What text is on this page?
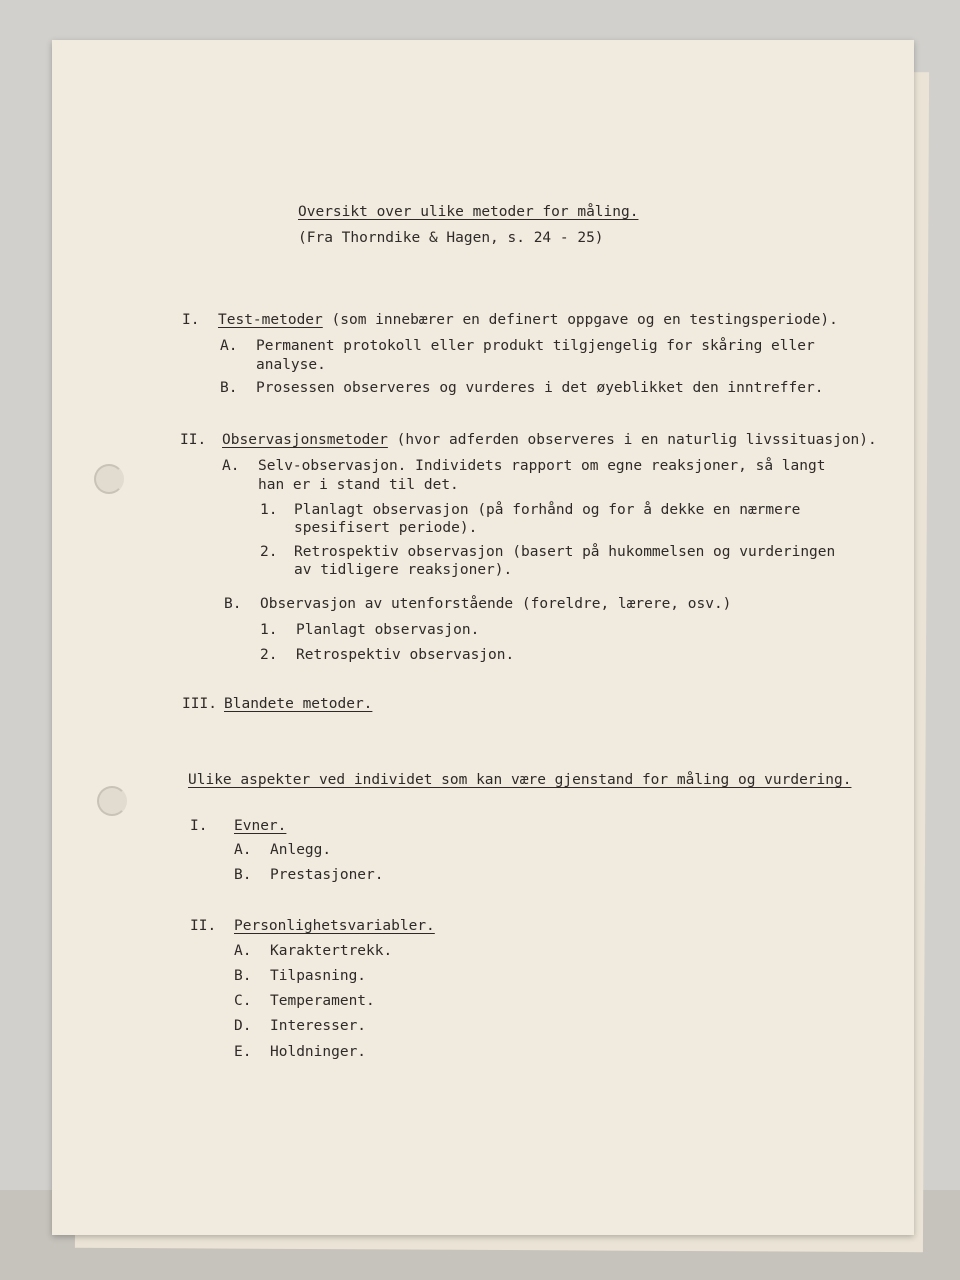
Oversikt over ulike metoder for måling.
(Fra Thorndike & Hagen, s. 24 - 25)
I. Test-metoder (som innebærer en definert oppgave og en testingsperiode).
A. Permanent protokoll eller produkt tilgjengelig for skåring eller
analyse.
B. Prosessen observeres og vurderes i det øyeblikket den inntreffer.
II. Observasjonsmetoder (hvor adferden observeres i en naturlig livssituasjon).
A. Selv-observasjon. Individets rapport om egne reaksjoner, så langt
han er i stand til det.
1. Planlagt observasjon (på forhånd og for å dekke en nærmere
spesifisert periode).
2. Retrospektiv observasjon (basert på hukommelsen og vurderingen
av tidligere reaksjoner).
B. Observasjon av utenforstående (foreldre, lærere, osv.)
1. Planlagt observasjon.
2. Retrospektiv observasjon.
III. Blandete metoder.
Ulike aspekter ved individet som kan være gjenstand for måling og vurdering.
I. Evner.
A. Anlegg.
B. Prestasjoner.
II. Personlighetsvariabler.
A. Karaktertrekk.
B. Tilpasning.
C. Temperament.
D. Interesser.
E. Holdninger.
